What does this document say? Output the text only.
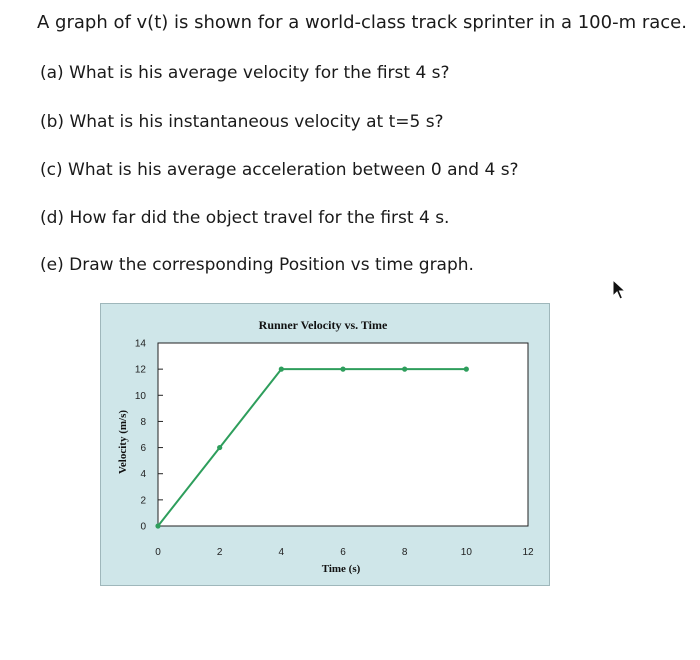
A graph of v(t) is shown for a world-class track sprinter in a 100-m race.
(a) What is his average velocity for the first 4 s?
(b) What is his instantaneous velocity at t=5 s?
(c) What is his average acceleration between 0 and 4 s?
(d) How far did the object travel for the first 4 s.
(e) Draw the corresponding Position vs time graph.
Runner Velocity vs. Time
0
2
4
6
8
10
12
14
0	2	4	6	8	10	12
Time (s)
Velocity (m/s)
